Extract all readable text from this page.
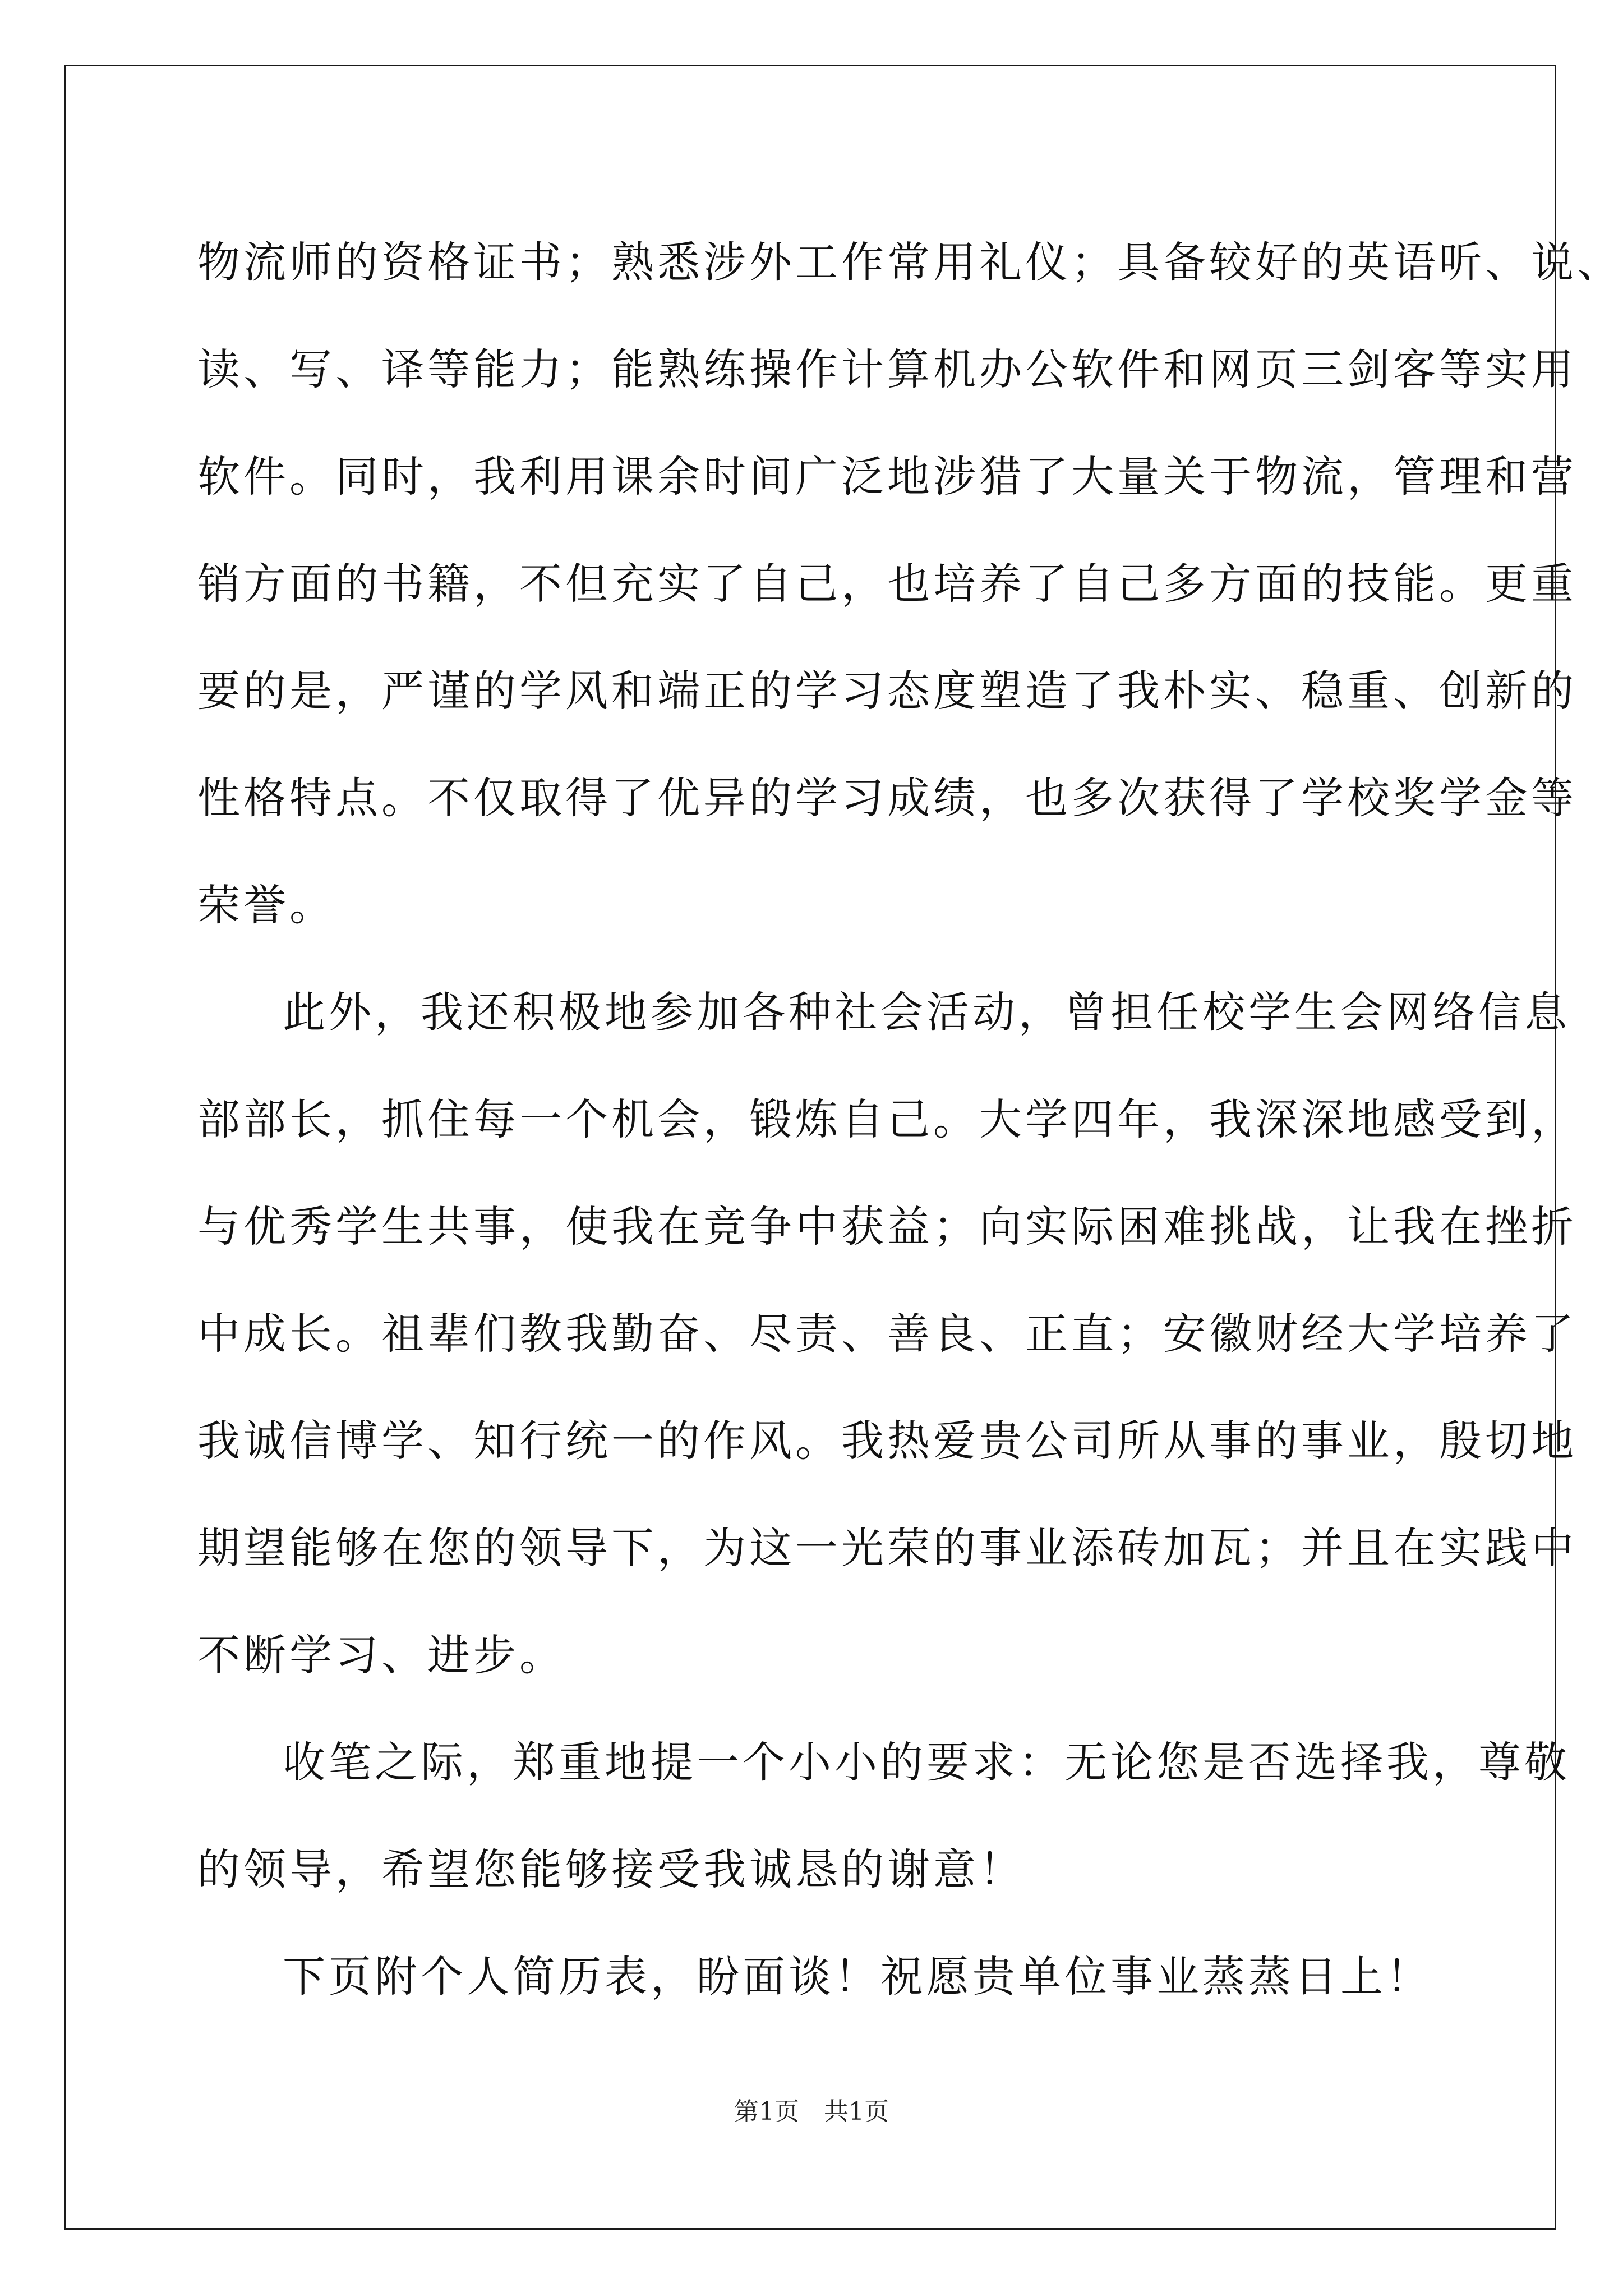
物流师的资格证书；熟悉涉外工作常用礼仪；具备较好的英语听、说、
读、写、译等能力；能熟练操作计算机办公软件和网页三剑客等实用
软件。同时，我利用课余时间广泛地涉猎了大量关于物流，管理和营
销方面的书籍，不但充实了自己，也培养了自己多方面的技能。更重
要的是，严谨的学风和端正的学习态度塑造了我朴实、稳重、创新的
性格特点。不仅取得了优异的学习成绩，也多次获得了学校奖学金等
荣誉。
此外，我还积极地参加各种社会活动，曾担任校学生会网络信息
部部长，抓住每一个机会，锻炼自己。大学四年，我深深地感受到，
与优秀学生共事，使我在竞争中获益；向实际困难挑战，让我在挫折
中成长。祖辈们教我勤奋、尽责、善良、正直；安徽财经大学培养了
我诚信博学、知行统一的作风。我热爱贵公司所从事的事业，殷切地
期望能够在您的领导下，为这一光荣的事业添砖加瓦；并且在实践中
不断学习、进步。
收笔之际，郑重地提一个小小的要求：无论您是否选择我，尊敬
的领导，希望您能够接受我诚恳的谢意！
下页附个人简历表，盼面谈！祝愿贵单位事业蒸蒸日上！
第1页　共1页
